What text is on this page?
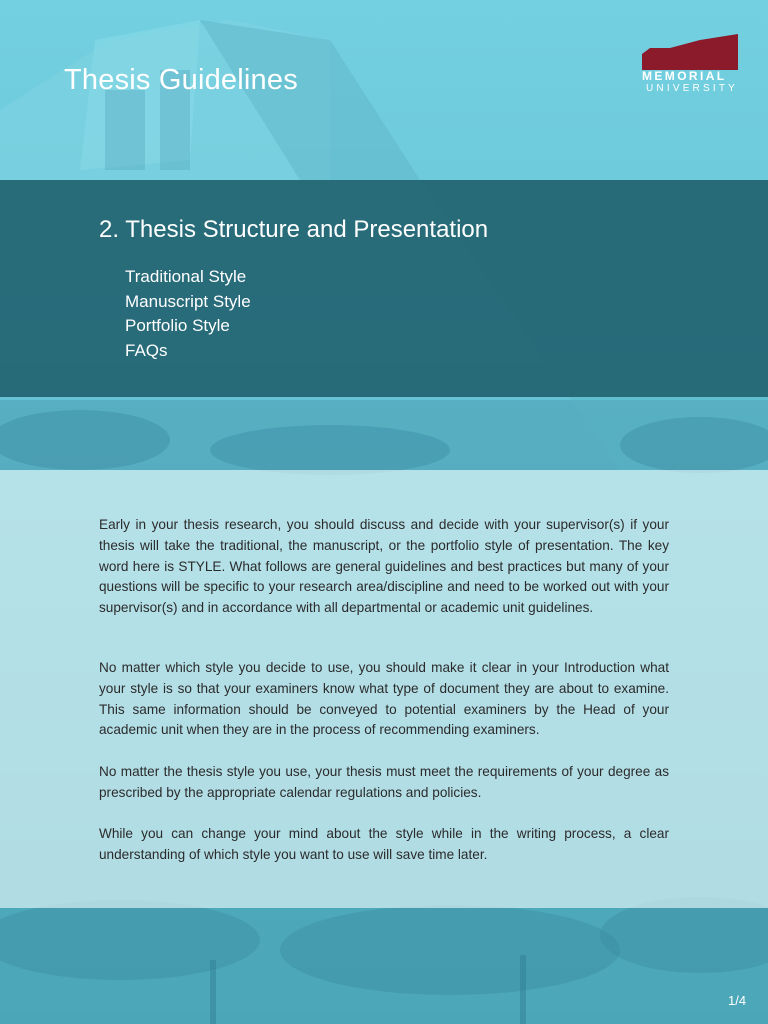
Thesis Guidelines	MEMORIAL
UNIVERSITY
2. Thesis Structure and Presentation
Traditional Style
Manuscript Style
Portfolio Style
FAQs

Early in your thesis research, you should discuss and decide with your supervisor(s) if your thesis will take the traditional, the manuscript, or the portfolio style of presentation. The key word here is STYLE. What follows are general guidelines and best practices but many of your questions will be specific to your research area/discipline and need to be worked out with your supervisor(s) and in accordance with all departmental or academic unit guidelines.

No matter which style you decide to use, you should make it clear in your Introduction what your style is so that your examiners know what type of document they are about to examine. This same information should be conveyed to potential examiners by the Head of your academic unit when they are in the process of recommending examiners.

No matter the thesis style you use, your thesis must meet the requirements of your degree as prescribed by the appropriate calendar regulations and policies.

While you can change your mind about the style while in the writing process, a clear understanding of which style you want to use will save time later.

1/4
